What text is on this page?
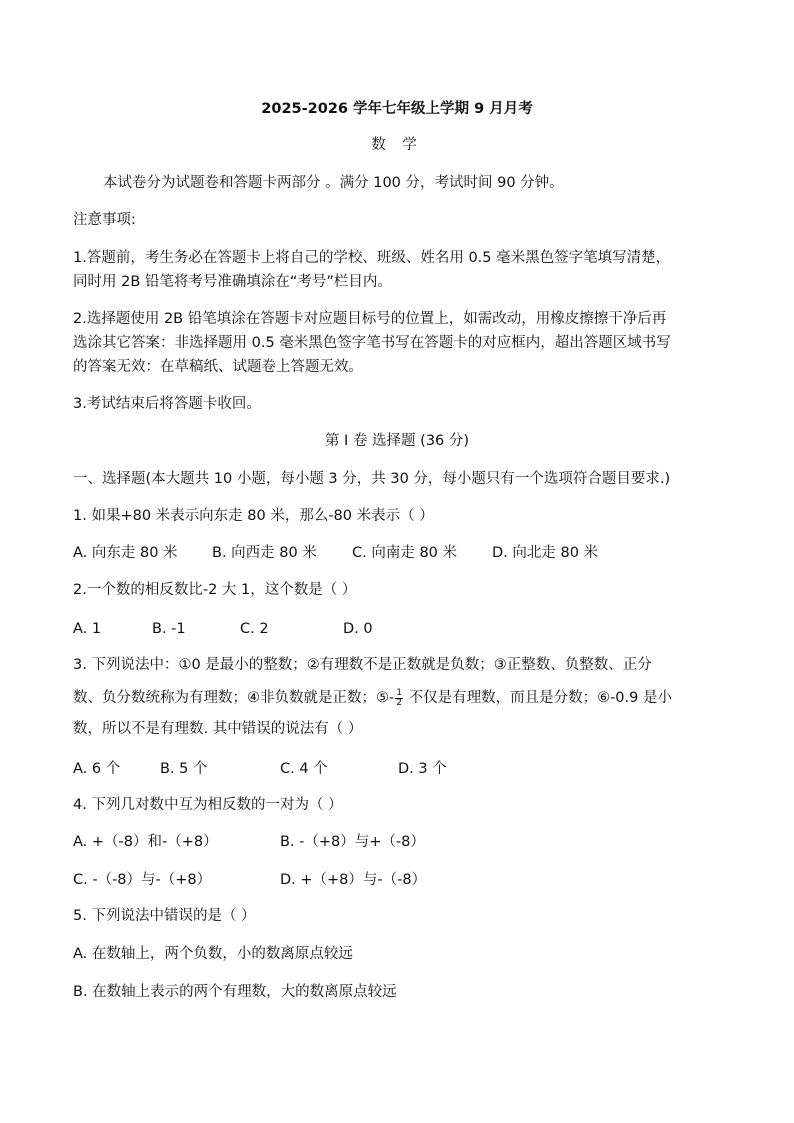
2025-2026 学年七年级上学期 9 月月考
数 学
本试卷分为试题卷和答题卡两部分 。满分 100 分，考试时间 90 分钟。
注意事项:
1.答题前，考生务必在答题卡上将自己的学校、班级、姓名用 0.5 毫米黑色签字笔填写清楚，
同时用 2B 铅笔将考号准确填涂在“考号”栏目内。
2.选择题使用 2B 铅笔填涂在答题卡对应题目标号的位置上，如需改动，用橡皮擦擦干净后再
选涂其它答案：非选择题用 0.5 毫米黑色签字笔书写在答题卡的对应框内，超出答题区域书写
的答案无效：在草稿纸、试题卷上答题无效。
3.考试结束后将答题卡收回。
第 I 卷 选择题 (36 分)
一、选择题(本大题共 10 小题，每小题 3 分，共 30 分，每小题只有一个选项符合题目要求.)
1. 如果+80 米表示向东走 80 米，那么-80 米表示（ ）
A. 向东走 80 米 B. 向西走 80 米 C. 向南走 80 米 D. 向北走 80 米
2.一个数的相反数比-2 大 1，这个数是（ ）
A. 1	B. -1	C. 2	D. 0
3. 下列说法中：①0 是最小的整数；②有理数不是正数就是负数；③正整数、负整数、正分
数、负分数统称为有理数；④非负数就是正数；⑤- $\frac{1}{2}$ 不仅是有理数，而且是分数；⑥-0.9 是小
数，所以不是有理数. 其中错误的说法有（ ）
A. 6 个	B. 5 个	C. 4 个	D. 3 个
4. 下列几对数中互为相反数的一对为（ ）
A. +（-8）和-（+8）	B. -（+8）与+（-8）
C. -（-8）与-（+8）	D. +（+8）与-（-8）
5. 下列说法中错误的是（ ）
A. 在数轴上，两个负数，小的数离原点较远
B. 在数轴上表示的两个有理数，大的数离原点较远
